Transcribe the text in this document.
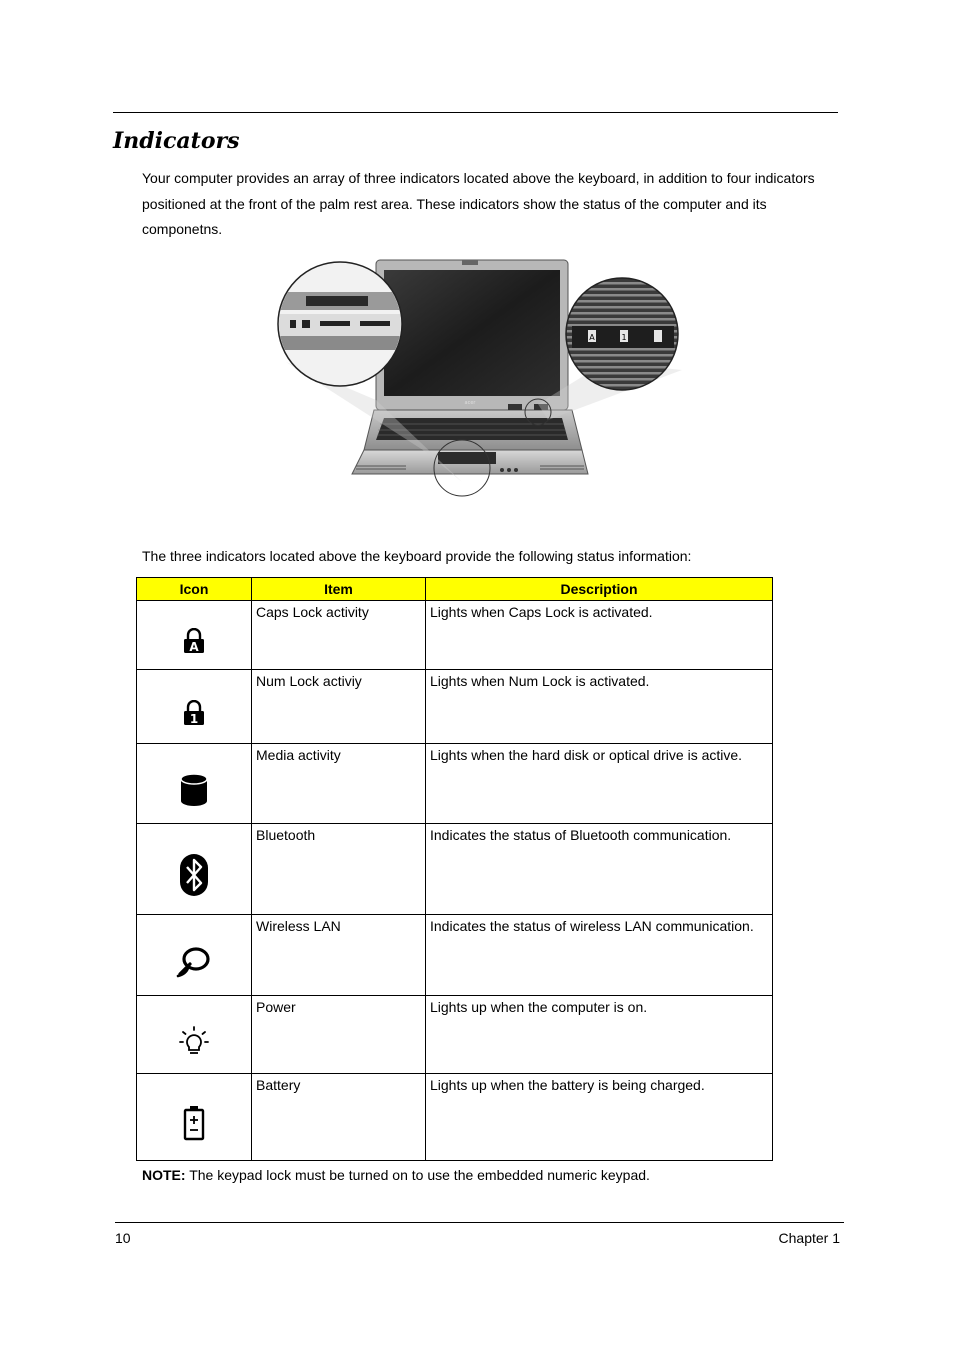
Indicators

Your computer provides an array of three indicators located above the keyboard, in addition to four indicators positioned at the front of the palm rest area. These indicators show the status of the computer and its componetns.

acer
A	1

The three indicators located above the keyboard provide the following status information:

Icon	Item	Description

A	Caps Lock activity	Lights when Caps Lock is activated.

1	Num Lock activiy	Lights when Num Lock is activated.

	Media activity	Lights when the hard disk or optical drive is active.

	Bluetooth	Indicates the status of Bluetooth communication.

	Wireless LAN	Indicates the status of wireless LAN communication.

	Power	Lights up when the computer is on.

	Battery	Lights up when the battery is being charged.

NOTE: The keypad lock must be turned on to use the embedded numeric keypad.

10	Chapter 1
